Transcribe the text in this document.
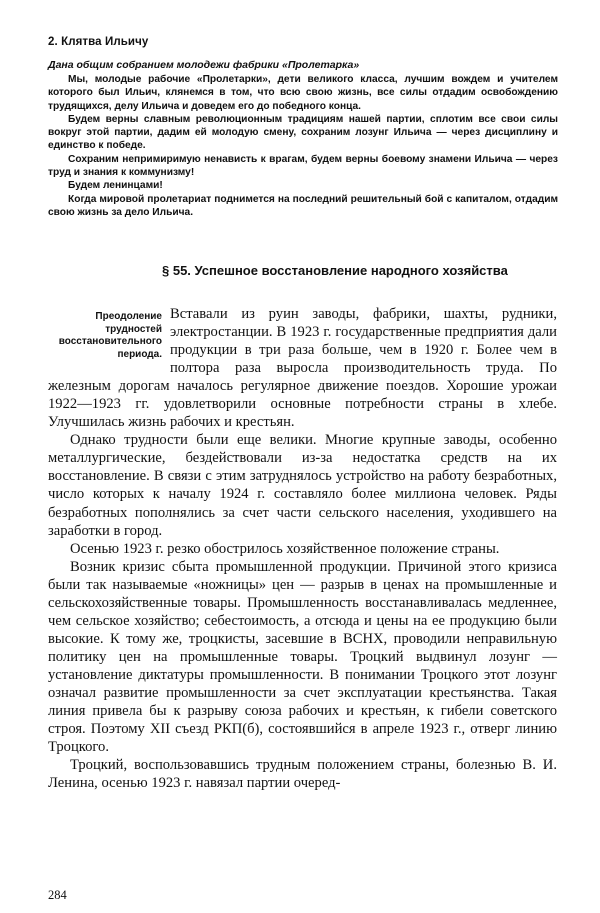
2. Клятва Ильичу
Дана общим собранием молодежи фабрики «Пролетарка»

Мы, молодые рабочие «Пролетарки», дети великого класса, лучшим вождем и учителем которого был Ильич, клянемся в том, что всю свою жизнь, все силы отдадим освобождению трудящихся, делу Ильича и доведем его до победного конца.

Будем верны славным революционным традициям нашей партии, сплотим все свои силы вокруг этой партии, дадим ей молодую смену, сохраним лозунг Ильича — через дисциплину и единство к победе.

Сохраним непримиримую ненависть к врагам, будем верны боевому знамени Ильича — через труд и знания к коммунизму!

Будем ленинцами!

Когда мировой пролетариат поднимется на последний решительный бой с капиталом, отдадим свою жизнь за дело Ильича.

§ 55. Успешное восстановление народного хозяйства
Преодоление трудностей восстановительного периода.

Вставали из руин заводы, фабрики, шахты, рудники, электростанции. В 1923 г. государственные предприятия дали продукции в три раза больше, чем в 1920 г. Более чем в полтора раза выросла производительность труда. По железным дорогам началось регулярное движение поездов. Хорошие урожаи 1922—1923 гг. удовлетворили основные потребности страны в хлебе. Улучшилась жизнь рабочих и крестьян.

Однако трудности были еще велики. Многие крупные заводы, особенно металлургические, бездействовали из-за недостатка средств на их восстановление. В связи с этим затруднялось устройство на работу безработных, число которых к началу 1924 г. составляло более миллиона человек. Ряды безработных пополнялись за счет части сельского населения, уходившего на заработки в город.

Осенью 1923 г. резко обострилось хозяйственное положение страны.

Возник кризис сбыта промышленной продукции. Причиной этого кризиса были так называемые «ножницы» цен — разрыв в ценах на промышленные и сельскохозяйственные товары. Промышленность восстанавливалась медленнее, чем сельское хозяйство; себестоимость, а отсюда и цены на ее продукцию были высокие. К тому же, троцкисты, засевшие в ВСНХ, проводили неправильную политику цен на промышленные товары. Троцкий выдвинул лозунг — установление диктатуры промышленности. В понимании Троцкого этот лозунг означал развитие промышленности за счет эксплуатации крестьянства. Такая линия привела бы к разрыву союза рабочих и крестьян, к гибели советского строя. Поэтому XII съезд РКП(б), состоявшийся в апреле 1923 г., отверг линию Троцкого.

Троцкий, воспользовавшись трудным положением страны, болезнью В. И. Ленина, осенью 1923 г. навязал партии очеред-

284
